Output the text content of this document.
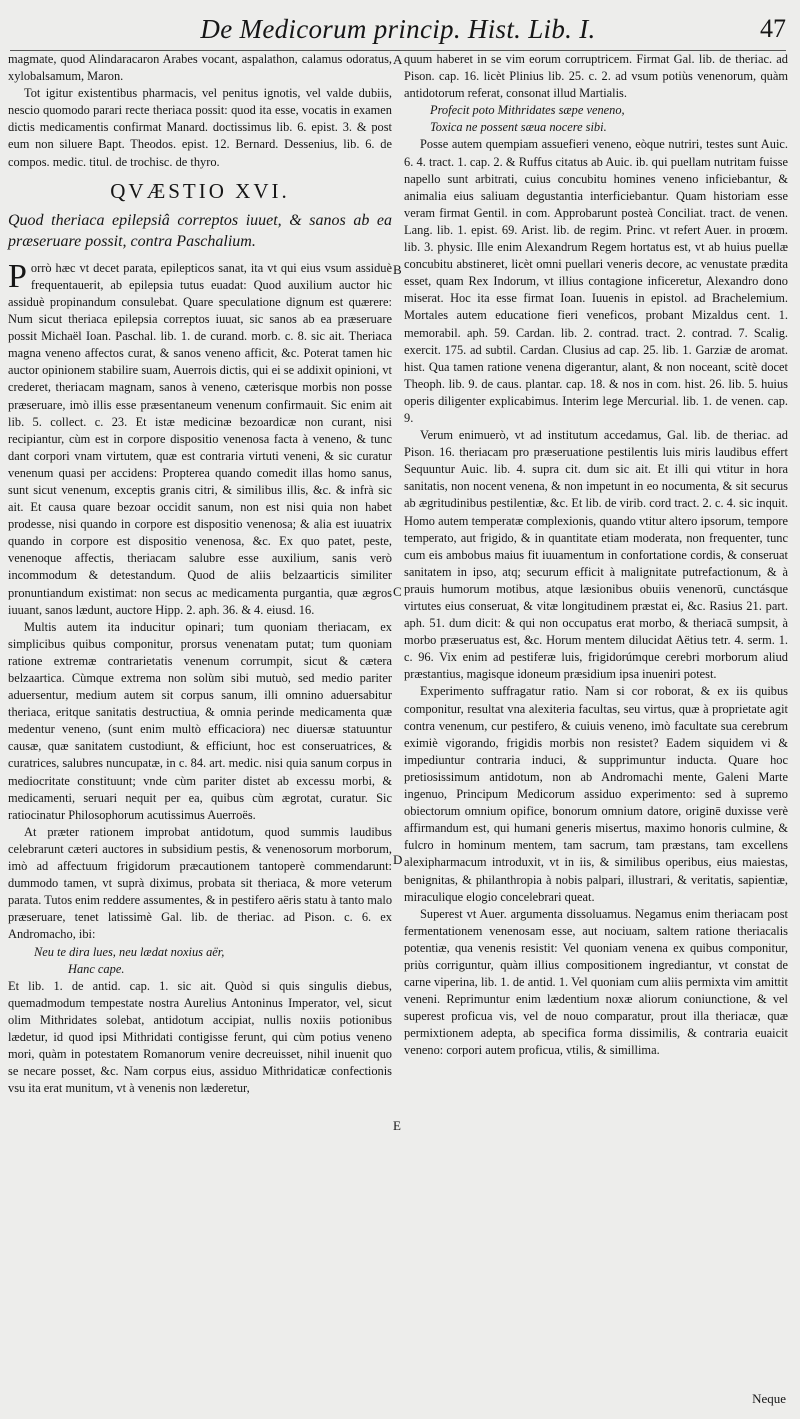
De Medicorum princip. Hist. Lib. I.	47

magmate, quod Alindaracaron Arabes vocant, aspalathon, calamus odoratus, xylobalsamum, Maron.

Tot igitur existentibus pharmacis, vel penitus ignotis, vel valde dubiis, nescio quomodo parari recte theriaca possit: quod ita esse, vocatis in examen dictis medicamentis confirmat Manard. doctissimus lib. 6. epist. 3. & post eum non siluere Bapt. Theodos. epist. 12. Bernard. Dessenius, lib. 6. de compos. medic. titul. de trochisc. de thyro.

QVÆSTIO XVI.
Quod theriaca epilepsiâ correptos iuuet, & sanos ab ea præseruare possit, contra Paschalium.

Porrò hæc vt decet parata, epilepticos sanat, ita vt qui eius vsum assiduè frequentauerit, ab epilepsia tutus euadat: Quod auxilium auctor hic assiduè propinandum consulebat. Quare speculatione dignum est quærere: Num sicut theriaca epilepsia correptos iuuat, sic sanos ab ea præseruare possit Michaël Ioan. Paschal. lib. 1. de curand. morb. c. 8. sic ait. Theriaca magna veneno affectos curat, & sanos veneno afficit, &c. Poterat tamen hic auctor opinionem stabilire suam, Auerrois dictis, qui ei se addixit opinioni, vt crederet, theriacam magnam, sanos à veneno, cæterisque morbis non posse præseruare, imò illis esse præsentaneum venenum confirmauit. Sic enim ait lib. 5. collect. c. 23. Et istæ medicinæ bezoardicæ non curant, nisi recipiantur, cùm est in corpore dispositio venenosa facta à veneno, & tunc dant corpori vnam virtutem, quæ est contraria virtuti veneni, & sic curatur venenum quasi per accidens: Propterea quando comedit illas homo sanus, sunt sicut venenum, exceptis granis citri, & similibus illis, &c. & infrà sic ait. Et causa quare bezoar occidit sanum, non est nisi quia non habet prodesse, nisi quando in corpore est dispositio venenosa; & alia est iuuatrix quando in corpore est dispositio venenosa, &c. Ex quo patet, peste, venenoque affectis, theriacam salubre esse auxilium, sanis verò incommodum & detestandum. Quod de aliis belzaarticis similiter pronuntiandum existimat: non secus ac medicamenta purgantia, quæ ægros iuuant, sanos lædunt, auctore Hipp. 2. aph. 36. & 4. eiusd. 16.

Multis autem ita inducitur opinari; tum quoniam theriacam, ex simplicibus quibus componitur, prorsus venenatam putat; tum quoniam ratione extremæ contrarietatis venenum corrumpit, sicut & cætera belzaartica. Cùmque extrema non solùm sibi mutuò, sed medio pariter aduersentur, medium autem sit corpus sanum, illi omnino aduersabitur theriaca, eritque sanitatis destructiua, & omnia perinde medicamenta quæ medentur veneno, (sunt enim multò efficaciora) nec diuersæ statuuntur causæ, quæ sanitatem custodiunt, & efficiunt, hoc est conseruatrices, & curatrices, salubres nuncupatæ, in c. 84. art. medic. nisi quia sanum corpus in mediocritate constituunt; vnde cùm pariter distet ab excessu morbi, & medicamenti, seruari nequit per ea, quibus cùm ægrotat, curatur. Sic ratiocinatur Philosophorum acutissimus Auerroës.

At præter rationem improbat antidotum, quod summis laudibus celebrarunt cæteri auctores in subsidium pestis, & venenosorum morborum, imò ad affectuum frigidorum præcautionem tantoperè commendarunt: dummodo tamen, vt suprà diximus, probata sit theriaca, & more veterum parata. Tutos enim reddere assumentes, & in pestifero aëris statu à tanto malo præseruare, tenet latissimè Gal. lib. de theriac. ad Pison. c. 6. ex Andromacho, ibi:

Neu te dira lues, neu lædat noxius aër,

Hanc cape.

Et lib. 1. de antid. cap. 1. sic ait. Quòd si quis singulis diebus, quemadmodum tempestate nostra Aurelius Antoninus Imperator, vel, sicut olim Mithridates solebat, antidotum accipiat, nullis noxiis potionibus lædetur, id quod ipsi Mithridati contigisse ferunt, qui cùm potius veneno mori, quàm in potestatem Romanorum venire decreuisset, nihil inuenit quo se necare posset, &c. Nam corpus eius, assiduo Mithridaticæ confectionis vsu ita erat munitum, vt à venenis non læderetur,

A
B
C
D
E

quum haberet in se vim eorum corruptricem. Firmat Gal. lib. de theriac. ad Pison. cap. 16. licèt Plinius lib. 25. c. 2. ad vsum potiùs venenorum, quàm antidotorum referat, consonat illud Martialis.

Profecit poto Mithridates sæpe veneno,

Toxica ne possent sæua nocere sibi.

Posse autem quempiam assuefieri veneno, eòque nutriri, testes sunt Auic. 6. 4. tract. 1. cap. 2. & Ruffus citatus ab Auic. ib. qui puellam nutritam fuisse napello sunt arbitrati, cuius concubitu homines veneno inficiebantur, & animalia eius saliuam degustantia interficiebantur. Quam historiam esse veram firmat Gentil. in com. Approbarunt posteà Conciliat. tract. de venen. Lang. lib. 1. epist. 69. Arist. lib. de regim. Princ. vt refert Auer. in proœm. lib. 3. physic. Ille enim Alexandrum Regem hortatus est, vt ab huius puellæ concubitu abstineret, licèt omni puellari veneris decore, ac venustate prædita esset, quam Rex Indorum, vt illius contagione inficeretur, Alexandro dono miserat. Hoc ita esse firmat Ioan. Iuuenis in epistol. ad Brachelemium. Mortales autem educatione fieri veneficos, probant Mizaldus cent. 1. memorabil. aph. 59. Cardan. lib. 2. contrad. tract. 2. contrad. 7. Scalig. exercit. 175. ad subtil. Cardan. Clusius ad cap. 25. lib. 1. Garziæ de aromat. hist. Qua tamen ratione venena digerantur, alant, & non noceant, scitè docet Theoph. lib. 9. de caus. plantar. cap. 18. & nos in com. hist. 26. lib. 5. huius operis diligenter explicabimus. Interim lege Mercurial. lib. 1. de venen. cap. 9.

Verum enimuerò, vt ad institutum accedamus, Gal. lib. de theriac. ad Pison. 16. theriacam pro præseruatione pestilentis luis miris laudibus effert Sequuntur Auic. lib. 4. supra cit. dum sic ait. Et illi qui vtitur in hora sanitatis, non nocent venena, & non impetunt in eo nocumenta, & sit securus ab ægritudinibus pestilentiæ, &c. Et lib. de virib. cord tract. 2. c. 4. sic inquit. Homo autem temperatæ complexionis, quando vtitur altero ipsorum, tempore temperato, aut frigido, & in quantitate etiam moderata, non frequenter, tunc cum eis ambobus maius fit iuuamentum in confortatione cordis, & conseruat sanitatem in ipso, atq; securum efficit à malignitate putrefactionum, & à prauis humorum motibus, atque læsionibus obuiis venenorū, cunctásque virtutes eius conseruat, & vitæ longitudinem præstat ei, &c. Rasius 21. part. aph. 51. dum dicit: & qui non occupatus erat morbo, & theriacā sumpsit, à morbo præseruatus est, &c. Horum mentem dilucidat Aëtius tetr. 4. serm. 1. c. 96. Vix enim ad pestiferæ luis, frigidorúmque cerebri morborum aliud præstantius, magisque idoneum præsidium ipsa inueniri potest.

Experimento suffragatur ratio. Nam si cor roborat, & ex iis quibus componitur, resultat vna alexiteria facultas, seu virtus, quæ à proprietate agit contra venenum, cur pestifero, & cuiuis veneno, imò facultate sua cerebrum eximiè vigorando, frigidis morbis non resistet? Eadem siquidem vi & impediuntur contraria induci, & supprimuntur inducta. Quare hoc pretiosissimum antidotum, non ab Andromachi mente, Galeni Marte ingenuo, Principum Medicorum assiduo experimento: sed à supremo obiectorum omnium opifice, bonorum omnium datore, originē duxisse verè affirmandum est, qui humani generis misertus, maximo honoris culmine, & fulcro in hominum mentem, tam sacrum, tam præstans, tam excellens alexipharmacum introduxit, vt in iis, & similibus operibus, eius maiestas, benignitas, & philanthropia à nobis palpari, illustrari, & veritatis, sapientiæ, miraculique elogio concelebrari queat.

Superest vt Auer. argumenta dissoluamus. Negamus enim theriacam post fermentationem venenosam esse, aut nociuam, saltem ratione theriacalis potentiæ, qua venenis resistit: Vel quoniam venena ex quibus componitur, priùs corriguntur, quàm illius compositionem ingrediantur, vt constat de carne viperina, lib. 1. de antid. 1. Vel quoniam cum aliis permixta vim amittit veneni. Reprimuntur enim lædentium noxæ aliorum coniunctione, & vel superest proficua vis, vel de nouo comparatur, prout illa theriacæ, quæ permixtionem adepta, ab specifica forma dissimilis, & contraria euaicit veneno: corpori autem proficua, vtilis, & simillima.

Neque
